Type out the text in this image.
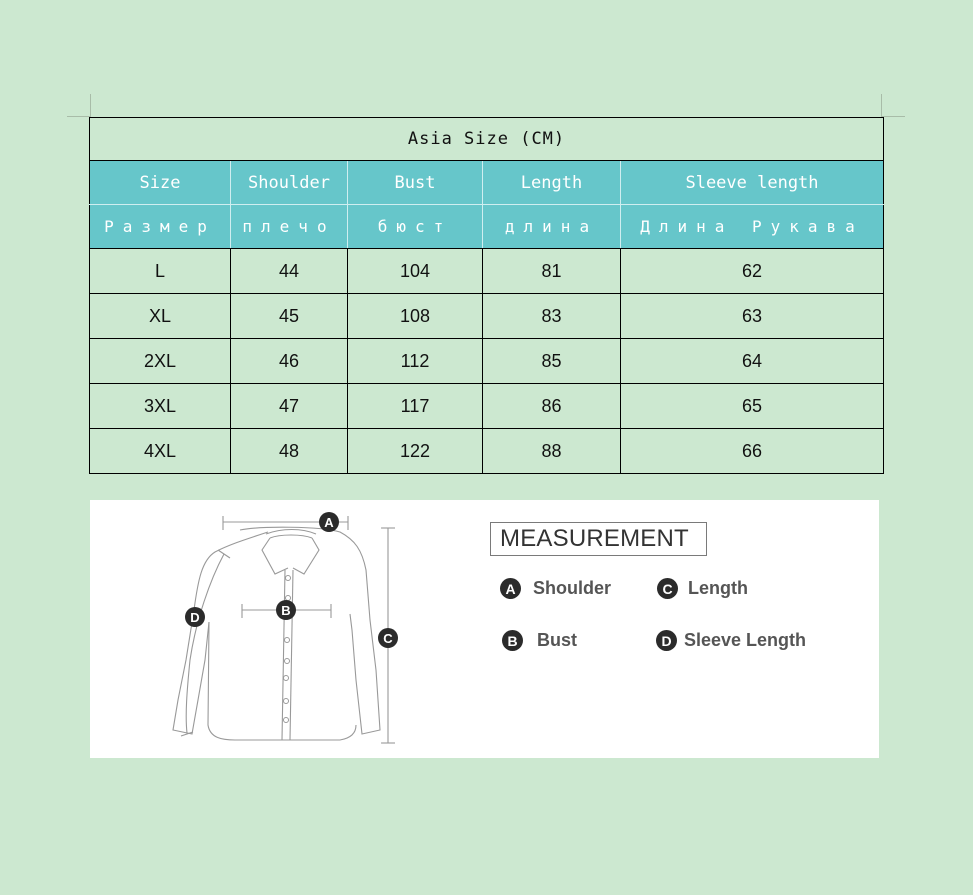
Asia Size (CM)				
Size	Shoulder	Bust	Length	Sleeve length
Размер	плечо	бюст	длина	Длина Рукава
L	44	104	81	62
XL	45	108	83	63
2XL	46	112	85	64
3XL	47	117	86	65
4XL	48	122	88	66
A
B
C
D
MEASUREMENT
A Shoulder
B	Bust
C Length
D Sleeve Length
